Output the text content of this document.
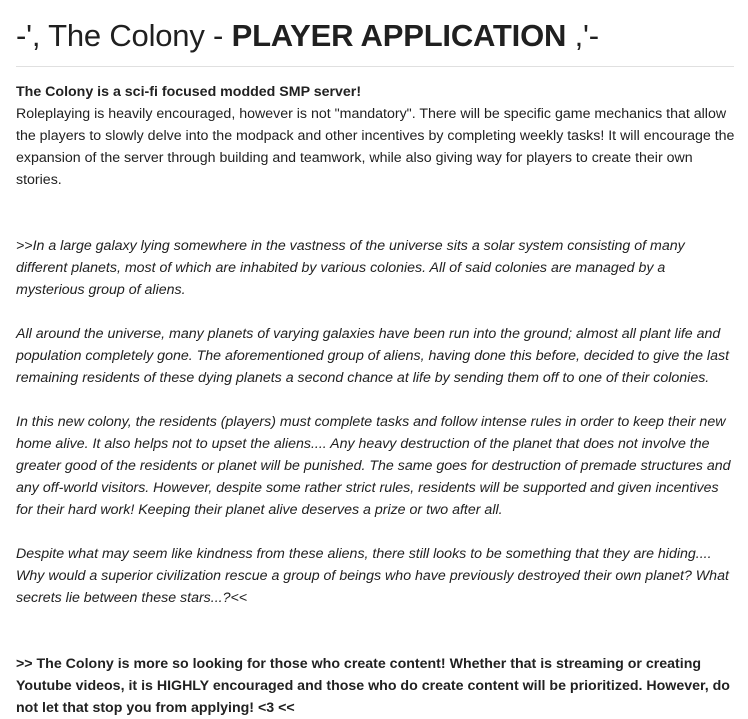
-', The Colony - PLAYER APPLICATION ,'-

The Colony is a sci-fi focused modded SMP server!

Roleplaying is heavily encouraged, however is not "mandatory". There will be specific game mechanics that allow the players to slowly delve into the modpack and other incentives by completing weekly tasks! It will encourage the expansion of the server through building and teamwork, while also giving way for players to create their own stories.

>>In a large galaxy lying somewhere in the vastness of the universe sits a solar system consisting of many different planets, most of which are inhabited by various colonies. All of said colonies are managed by a mysterious group of aliens.

All around the universe, many planets of varying galaxies have been run into the ground; almost all plant life and population completely gone. The aforementioned group of aliens, having done this before, decided to give the last remaining residents of these dying planets a second chance at life by sending them off to one of their colonies.

In this new colony, the residents (players) must complete tasks and follow intense rules in order to keep their new home alive. It also helps not to upset the aliens.... Any heavy destruction of the planet that does not involve the greater good of the residents or planet will be punished. The same goes for destruction of premade structures and any off-world visitors. However, despite some rather strict rules, residents will be supported and given incentives for their hard work! Keeping their planet alive deserves a prize or two after all.

Despite what may seem like kindness from these aliens, there still looks to be something that they are hiding.... Why would a superior civilization rescue a group of beings who have previously destroyed their own planet? What secrets lie between these stars...?<<

>> The Colony is more so looking for those who create content! Whether that is streaming or creating Youtube videos, it is HIGHLY encouraged and those who do create content will be prioritized. However, do not let that stop you from applying! <3 <<
